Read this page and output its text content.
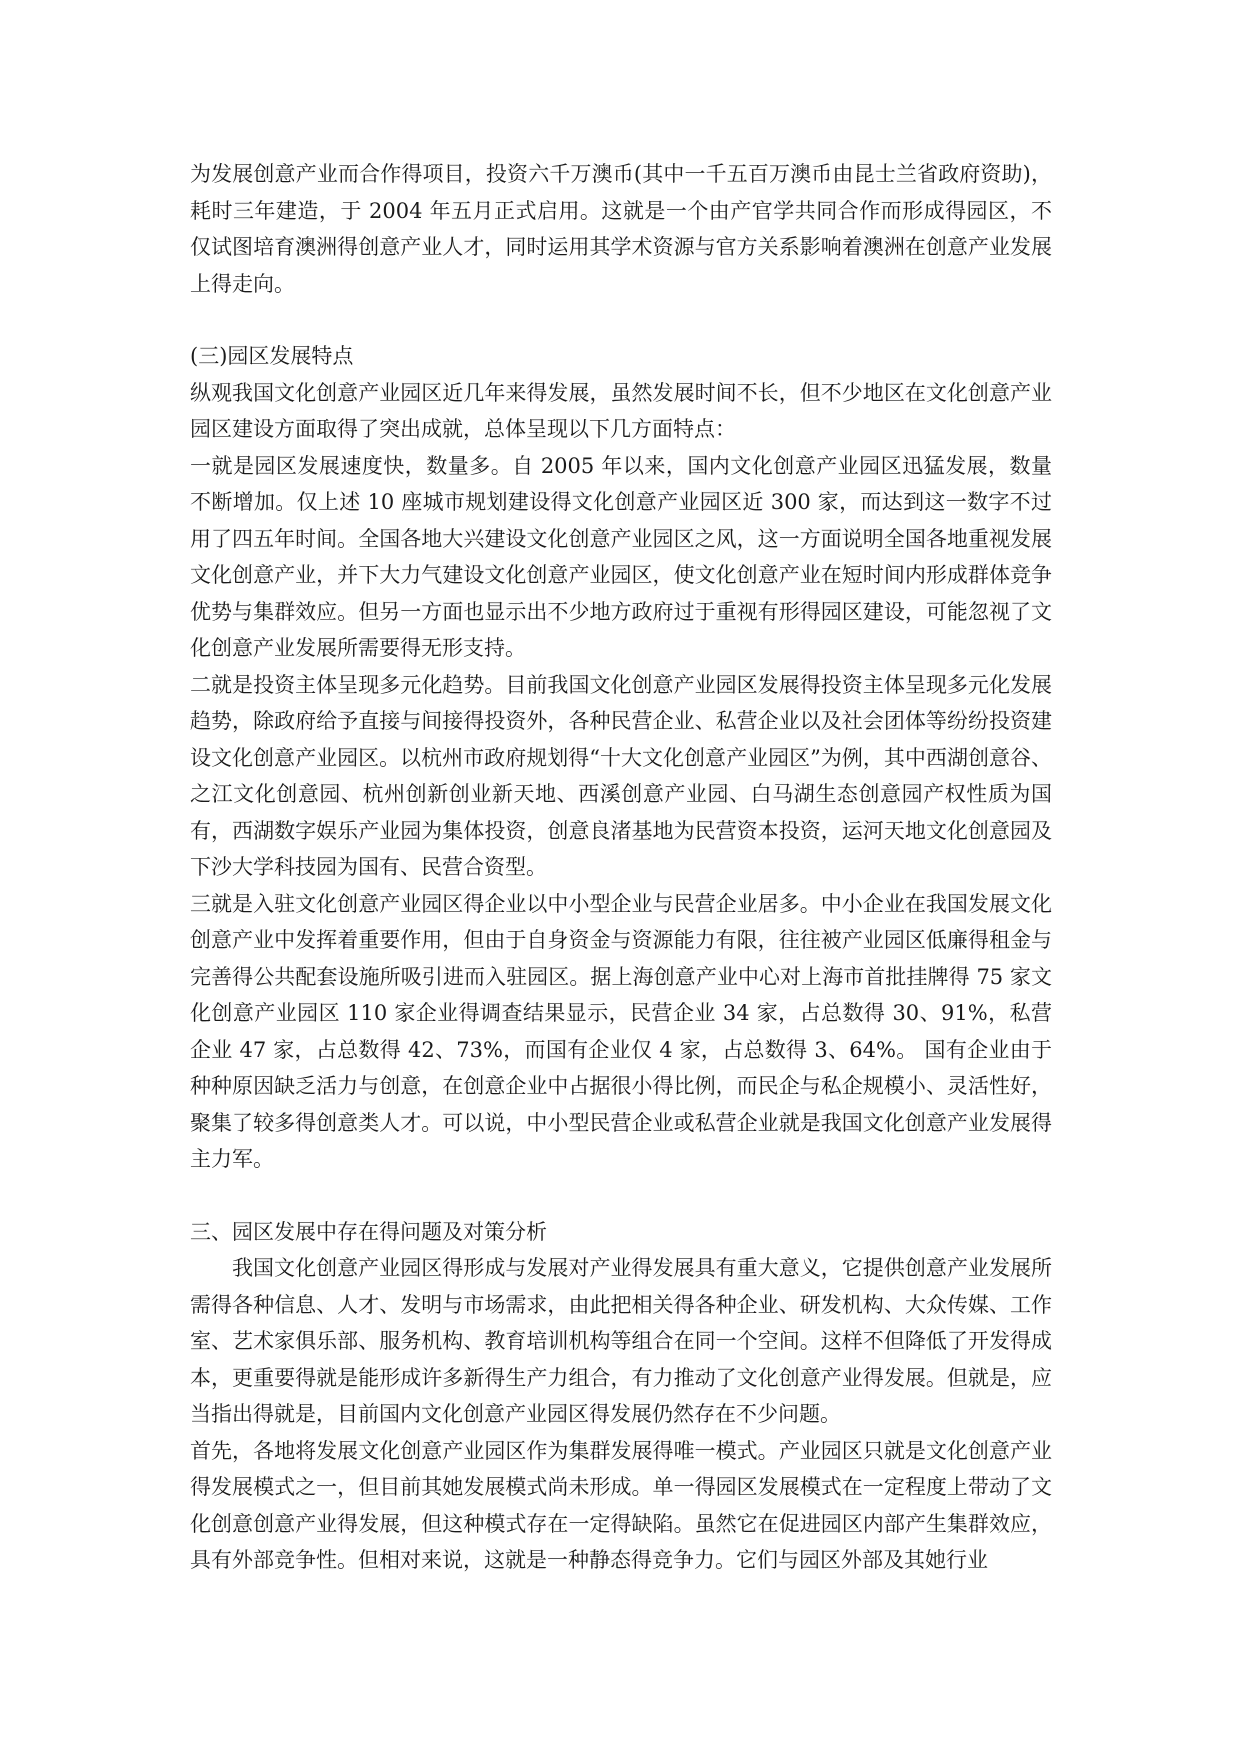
为发展创意产业而合作得项目，投资六千万澳币(其中一千五百万澳币由昆士兰省政府资助)，耗时三年建造，于 2004 年五月正式启用。这就是一个由产官学共同合作而形成得园区，不仅试图培育澳洲得创意产业人才，同时运用其学术资源与官方关系影响着澳洲在创意产业发展上得走向。

(三)园区发展特点

纵观我国文化创意产业园区近几年来得发展，虽然发展时间不长，但不少地区在文化创意产业园区建设方面取得了突出成就，总体呈现以下几方面特点：

一就是园区发展速度快，数量多。自 2005 年以来，国内文化创意产业园区迅猛发展，数量不断增加。仅上述 10 座城市规划建设得文化创意产业园区近 300 家，而达到这一数字不过用了四五年时间。全国各地大兴建设文化创意产业园区之风，这一方面说明全国各地重视发展文化创意产业，并下大力气建设文化创意产业园区，使文化创意产业在短时间内形成群体竞争优势与集群效应。但另一方面也显示出不少地方政府过于重视有形得园区建设，可能忽视了文化创意产业发展所需要得无形支持。

二就是投资主体呈现多元化趋势。目前我国文化创意产业园区发展得投资主体呈现多元化发展趋势，除政府给予直接与间接得投资外，各种民营企业、私营企业以及社会团体等纷纷投资建设文化创意产业园区。以杭州市政府规划得“十大文化创意产业园区”为例，其中西湖创意谷、之江文化创意园、杭州创新创业新天地、西溪创意产业园、白马湖生态创意园产权性质为国有，西湖数字娱乐产业园为集体投资，创意良渚基地为民营资本投资，运河天地文化创意园及下沙大学科技园为国有、民营合资型。

三就是入驻文化创意产业园区得企业以中小型企业与民营企业居多。中小企业在我国发展文化创意产业中发挥着重要作用，但由于自身资金与资源能力有限，往往被产业园区低廉得租金与完善得公共配套设施所吸引进而入驻园区。据上海创意产业中心对上海市首批挂牌得 75 家文化创意产业园区 110 家企业得调查结果显示，民营企业 34 家，占总数得 30、91%，私营企业 47 家，占总数得 42、73%，而国有企业仅 4 家，占总数得 3、64%。 国有企业由于种种原因缺乏活力与创意，在创意企业中占据很小得比例，而民企与私企规模小、灵活性好，聚集了较多得创意类人才。可以说，中小型民营企业或私营企业就是我国文化创意产业发展得主力军。

三、园区发展中存在得问题及对策分析

我国文化创意产业园区得形成与发展对产业得发展具有重大意义，它提供创意产业发展所需得各种信息、人才、发明与市场需求，由此把相关得各种企业、研发机构、大众传媒、工作室、艺术家俱乐部、服务机构、教育培训机构等组合在同一个空间。这样不但降低了开发得成本，更重要得就是能形成许多新得生产力组合，有力推动了文化创意产业得发展。但就是，应当指出得就是，目前国内文化创意产业园区得发展仍然存在不少问题。

首先，各地将发展文化创意产业园区作为集群发展得唯一模式。产业园区只就是文化创意产业得发展模式之一，但目前其她发展模式尚未形成。单一得园区发展模式在一定程度上带动了文化创意创意产业得发展，但这种模式存在一定得缺陷。虽然它在促进园区内部产生集群效应，具有外部竞争性。但相对来说，这就是一种静态得竞争力。它们与园区外部及其她行业
